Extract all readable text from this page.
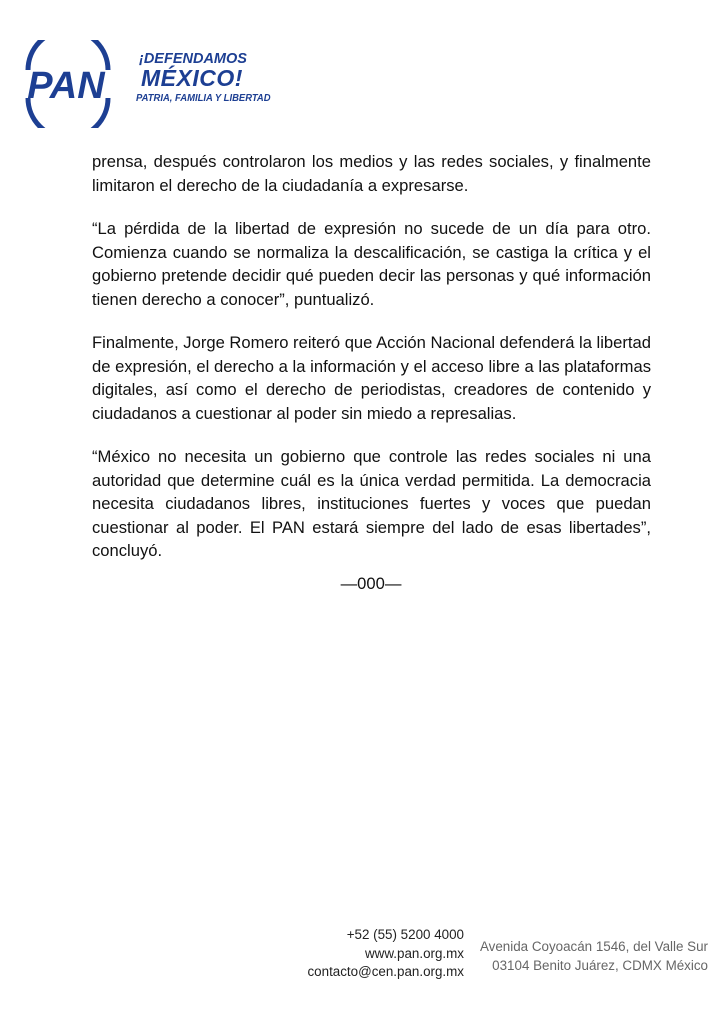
PAN
¡DEFENDAMOS
MÉXICO!
PATRIA, FAMILIA Y LIBERTAD

prensa, después controlaron los medios y las redes sociales, y finalmente limitaron el derecho de la ciudadanía a expresarse.

“La pérdida de la libertad de expresión no sucede de un día para otro. Comienza cuando se normaliza la descalificación, se castiga la crítica y el gobierno pretende decidir qué pueden decir las personas y qué información tienen derecho a conocer”, puntualizó.

Finalmente, Jorge Romero reiteró que Acción Nacional defenderá la libertad de expresión, el derecho a la información y el acceso libre a las plataformas digitales, así como el derecho de periodistas, creadores de contenido y ciudadanos a cuestionar al poder sin miedo a represalias.

“México no necesita un gobierno que controle las redes sociales ni una autoridad que determine cuál es la única verdad permitida. La democracia necesita ciudadanos libres, instituciones fuertes y voces que puedan cuestionar al poder. El PAN estará siempre del lado de esas libertades”, concluyó.

—000—
+52 (55) 5200 4000
www.pan.org.mx
contacto@cen.pan.org.mx
Avenida Coyoacán 1546, del Valle Sur
03104 Benito Juárez, CDMX México
